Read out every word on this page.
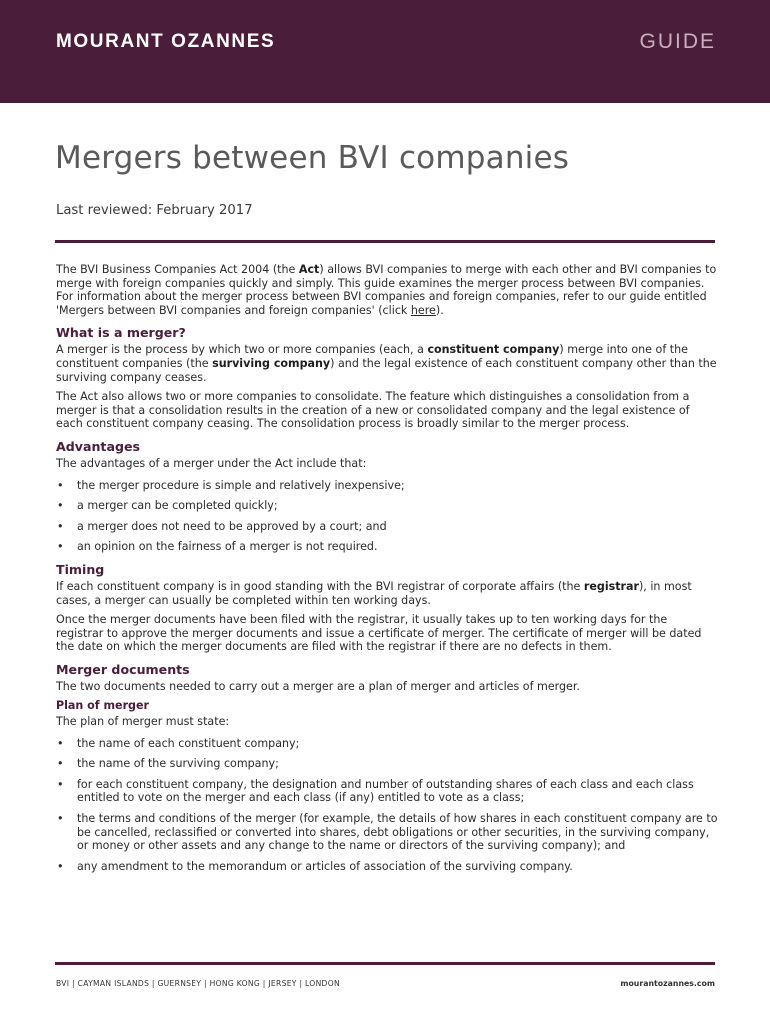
MOURANT OZANNES	GUIDE
Mergers between BVI companies
Last reviewed: February 2017

The BVI Business Companies Act 2004 (the Act) allows BVI companies to merge with each other and BVI companies to merge with foreign companies quickly and simply. This guide examines the merger process between BVI companies. For information about the merger process between BVI companies and foreign companies, refer to our guide entitled 'Mergers between BVI companies and foreign companies' (click here).

What is a merger?

A merger is the process by which two or more companies (each, a constituent company) merge into one of the constituent companies (the surviving company) and the legal existence of each constituent company other than the surviving company ceases.

The Act also allows two or more companies to consolidate. The feature which distinguishes a consolidation from a merger is that a consolidation results in the creation of a new or consolidated company and the legal existence of each constituent company ceasing. The consolidation process is broadly similar to the merger process.

Advantages

The advantages of a merger under the Act include that:

• the merger procedure is simple and relatively inexpensive;
• a merger can be completed quickly;
• a merger does not need to be approved by a court; and
• an opinion on the fairness of a merger is not required.
Timing

If each constituent company is in good standing with the BVI registrar of corporate affairs (the registrar), in most cases, a merger can usually be completed within ten working days.

Once the merger documents have been filed with the registrar, it usually takes up to ten working days for the registrar to approve the merger documents and issue a certificate of merger. The certificate of merger will be dated the date on which the merger documents are filed with the registrar if there are no defects in them.

Merger documents

The two documents needed to carry out a merger are a plan of merger and articles of merger.

Plan of merger

The plan of merger must state:

• the name of each constituent company;
• the name of the surviving company;
• for each constituent company, the designation and number of outstanding shares of each class and each class entitled to vote on the merger and each class (if any) entitled to vote as a class;
• the terms and conditions of the merger (for example, the details of how shares in each constituent company are to be cancelled, reclassified or converted into shares, debt obligations or other securities, in the surviving company, or money or other assets and any change to the name or directors of the surviving company); and
• any amendment to the memorandum or articles of association of the surviving company.
BVI | CAYMAN ISLANDS | GUERNSEY | HONG KONG | JERSEY | LONDON	mourantozannes.com
